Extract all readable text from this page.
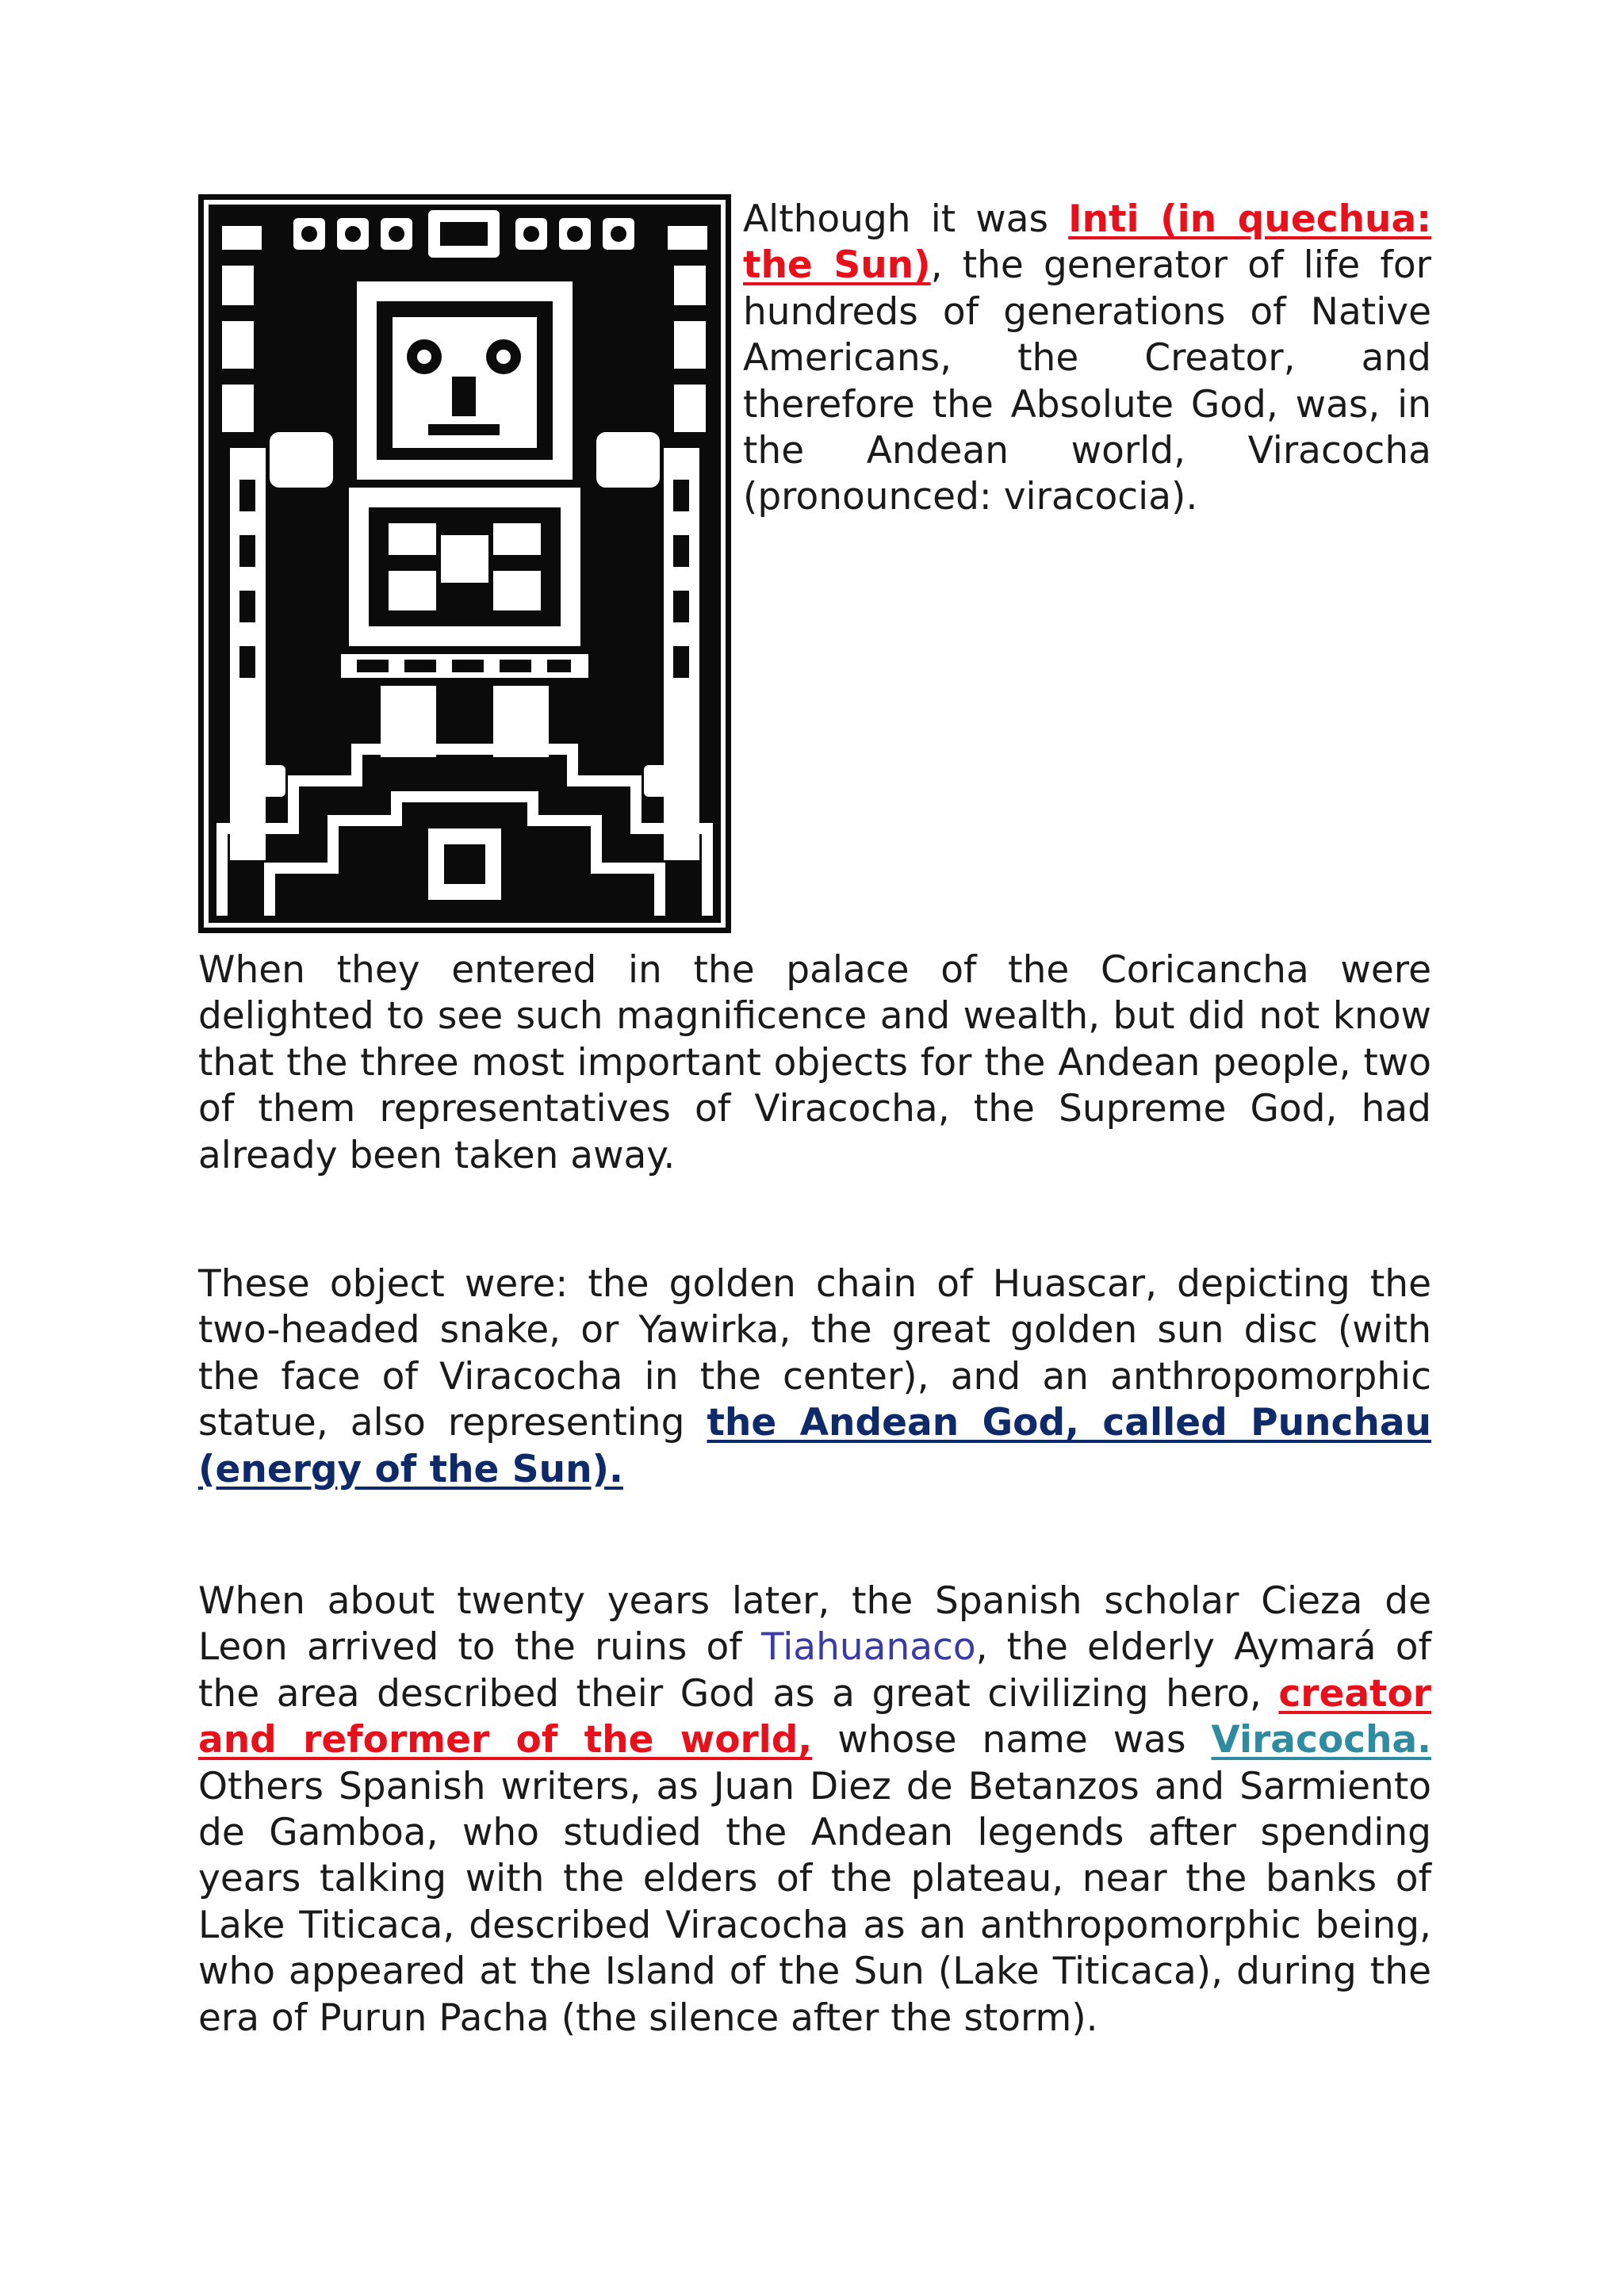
Although it was Inti (in quechua: the Sun), the generator of life for hundreds of generations of Native Americans, the Creator, and therefore the Absolute God, was, in the Andean world, Viracocha (pronounced: viracocia).

When they entered in the palace of the Coricancha were delighted to see such magnificence and wealth, but did not know that the three most important objects for the Andean people, two of them representatives of Viracocha, the Supreme God, had already been taken away.

These object were: the golden chain of Huascar, depicting the two-headed snake, or Yawirka, the great golden sun disc (with the face of Viracocha in the center), and an anthropomorphic statue, also representing the Andean God, called Punchau (energy of the Sun).

When about twenty years later, the Spanish scholar Cieza de Leon arrived to the ruins of Tiahuanaco, the elderly Aymará of the area described their God as a great civilizing hero, creator and reformer of the world, whose name was Viracocha. Others Spanish writers, as Juan Diez de Betanzos and Sarmiento de Gamboa, who studied the Andean legends after spending years talking with the elders of the plateau, near the banks of Lake Titicaca, described Viracocha as an anthropomorphic being, who appeared at the Island of the Sun (Lake Titicaca), during the era of Purun Pacha (the silence after the storm).
